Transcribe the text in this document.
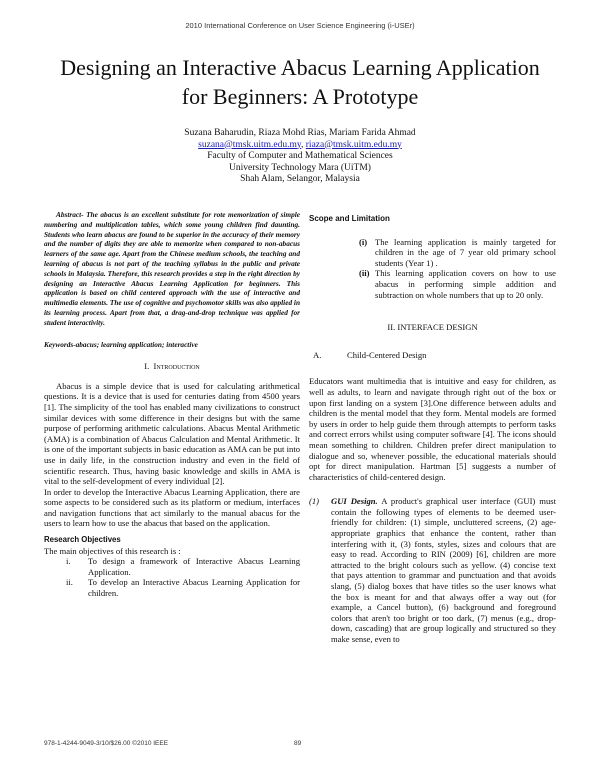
2010 International Conference on User Science Engineering (i-USEr)
Designing an Interactive Abacus Learning Application for Beginners: A Prototype
Suzana Baharudin, Riaza Mohd Rias, Mariam Farida Ahmad
suzana@tmsk.uitm.edu.my, riaza@tmsk.uitm.edu.my
Faculty of Computer and Mathematical Sciences
University Technology Mara (UiTM)
Shah Alam, Selangor, Malaysia

Abstract- The abacus is an excellent substitute for rote memorization of simple numbering and multiplication tables, which some young children find daunting. Students who learn abacus are found to be superior in the accuracy of their memory and the number of digits they are able to memorize when compared to non-abacus learners of the same age. Apart from the Chinese medium schools, the teaching and learning of abacus is not part of the teaching syllabus in the public and private schools in Malaysia. Therefore, this research provides a step in the right direction by designing an Interactive Abacus Learning Application for beginners. This application is based on child centered approach with the use of interactive and multimedia elements. The use of cognitive and psychomotor skills was also applied in its learning process. Apart from that, a drag-and-drop technique was applied for student interactivity.

Keywords-abacus; learning application; interactive

I. Introduction

Abacus is a simple device that is used for calculating arithmetical questions. It is a device that is used for centuries dating from 4500 years [1]. The simplicity of the tool has enabled many civilizations to construct similar devices with some difference in their designs but with the same purpose of performing arithmetic calculations. Abacus Mental Arithmetic (AMA) is a combination of Abacus Calculation and Mental Arithmetic. It is one of the important subjects in basic education as AMA can be put into use in daily life, in the construction industry and even in the field of scientific research. Thus, having basic knowledge and skills in AMA is vital to the self-development of every individual [2].

In order to develop the Interactive Abacus Learning Application, there are some aspects to be considered such as its platform or medium, interfaces and navigation functions that act similarly to the manual abacus for the users to learn how to use the abacus that based on the application.

Research Objectives
The main objectives of this research is :
i. To design a framework of Interactive Abacus Learning Application.
ii. To develop an Interactive Abacus Learning Application for children.
Scope and Limitation
(i) The learning application is mainly targeted for children in the age of 7 year old primary school students (Year 1) .
(ii) This learning application covers on how to use abacus in performing simple addition and subtraction on whole numbers that up to 20 only.
II. INTERFACE DESIGN
A.	Child-Centered Design

Educators want multimedia that is intuitive and easy for children, as well as adults, to learn and navigate through right out of the box or upon first landing on a system [3].One difference between adults and children is the mental model that they form. Mental models are formed by users in order to help guide them through attempts to perform tasks and correct errors whilst using computer software [4]. The icons should mean something to children. Children prefer direct manipulation to dialogue and so, whenever possible, the educational materials should opt for direct manipulation. Hartman [5] suggests a number of characteristics of child-centered design.

(1) GUI Design. A product's graphical user interface (GUI) must contain the following types of elements to be deemed user-friendly for children: (1) simple, uncluttered screens, (2) age-appropriate graphics that enhance the content, rather than interfering with it, (3) fonts, styles, sizes and colours that are easy to read. According to RIN (2009) [6], children are more attracted to the bright colours such as yellow. (4) concise text that pays attention to grammar and punctuation and that avoids slang, (5) dialog boxes that have titles so the user knows what the box is meant for and that always offer a way out (for example, a Cancel button), (6) background and foreground colors that aren't too bright or too dark, (7) menus (e.g., drop-down, cascading) that are group logically and structured so they make sense, even to

978-1-4244-9049-3/10/$26.00 ©2010 IEEE	89
